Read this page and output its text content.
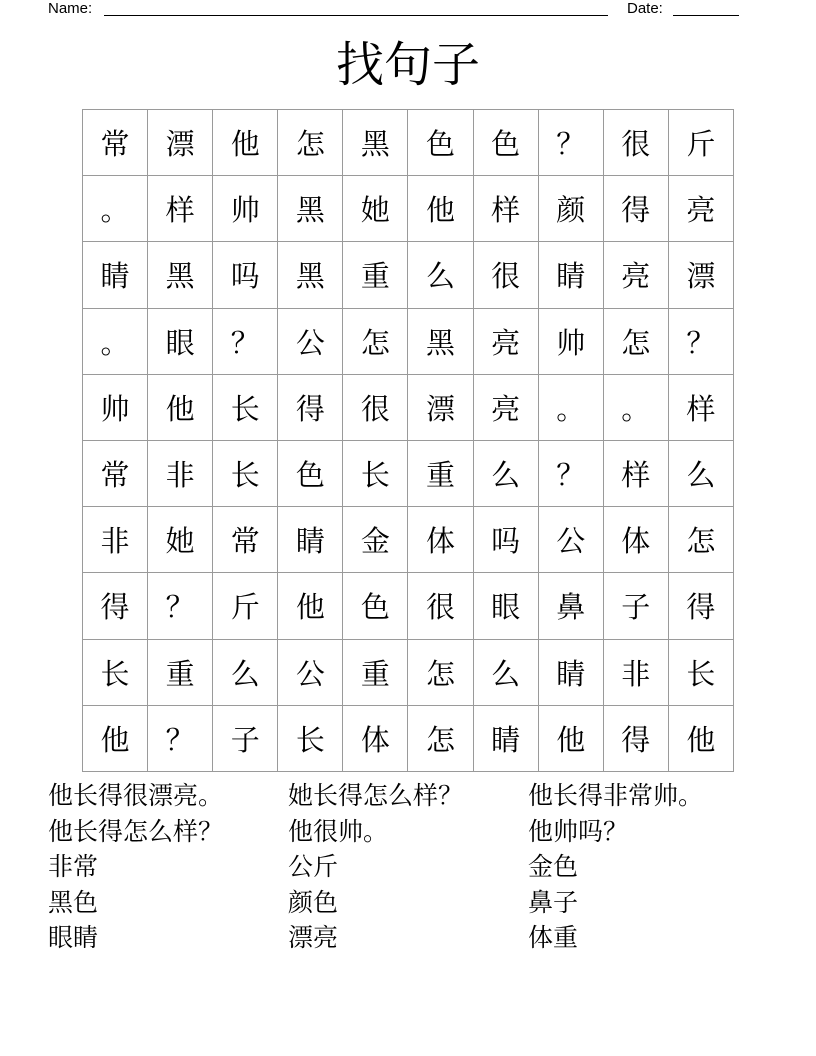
Name:	Date:
找句子
常	漂	他	怎	黑	色	色	？	很	斤
。	样	帅	黑	她	他	样	颜	得	亮
睛	黑	吗	黑	重	么	很	睛	亮	漂
。	眼	？	公	怎	黑	亮	帅	怎	？
帅	他	长	得	很	漂	亮	。	。	样
常	非	长	色	长	重	么	？	样	么
非	她	常	睛	金	体	吗	公	体	怎
得	？	斤	他	色	很	眼	鼻	子	得
长	重	么	公	重	怎	么	睛	非	长
他	？	子	长	体	怎	睛	他	得	他
他长得很漂亮。	她长得怎么样？	他长得非常帅。
他长得怎么样？	他很帅。	他帅吗？
非常	公斤	金色
黑色	颜色	鼻子
眼睛	漂亮	体重
